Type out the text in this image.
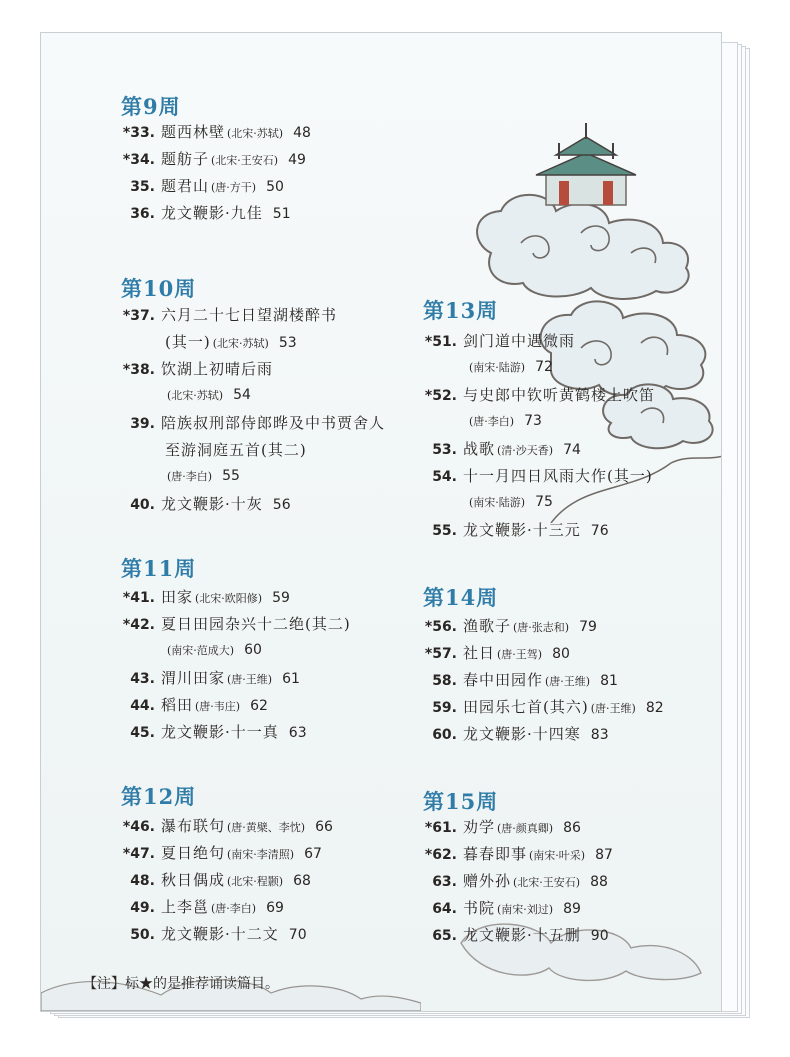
第9周
*33. 题西林壁 (北宋·苏轼) 48
*34. 题舫子 (北宋·王安石) 49
35. 题君山 (唐·方干) 50
36. 龙文鞭影·九佳 51
第10周
*37. 六月二十七日望湖楼醉书
(其一) (北宋·苏轼) 53
*38. 饮湖上初晴后雨
(北宋·苏轼) 54
39. 陪族叔刑部侍郎晔及中书贾舍人
至游洞庭五首(其二)
(唐·李白) 55
40. 龙文鞭影·十灰 56
第11周
*41. 田家 (北宋·欧阳修) 59
*42. 夏日田园杂兴十二绝(其二)
(南宋·范成大) 60
43. 渭川田家 (唐·王维) 61
44. 稻田 (唐·韦庄) 62
45. 龙文鞭影·十一真 63
第12周
*46. 瀑布联句 (唐·黄檗、李忱) 66
*47. 夏日绝句 (南宋·李清照) 67
48. 秋日偶成 (北宋·程颢) 68
49. 上李邕 (唐·李白) 69
50. 龙文鞭影·十二文 70
第13周
*51. 剑门道中遇微雨
(南宋·陆游) 72
*52. 与史郎中钦听黄鹤楼上吹笛
(唐·李白) 73
53. 战歌 (清·沙天香) 74
54. 十一月四日风雨大作(其一)
(南宋·陆游) 75
55. 龙文鞭影·十三元 76
第14周
*56. 渔歌子 (唐·张志和) 79
*57. 社日 (唐·王驾) 80
58. 春中田园作 (唐·王维) 81
59. 田园乐七首(其六) (唐·王维) 82
60. 龙文鞭影·十四寒 83
第15周
*61. 劝学 (唐·颜真卿) 86
*62. 暮春即事 (南宋·叶采) 87
63. 赠外孙 (北宋·王安石) 88
64. 书院 (南宋·刘过) 89
65. 龙文鞭影·十五删 90
【注】标★的是推荐诵读篇目。
